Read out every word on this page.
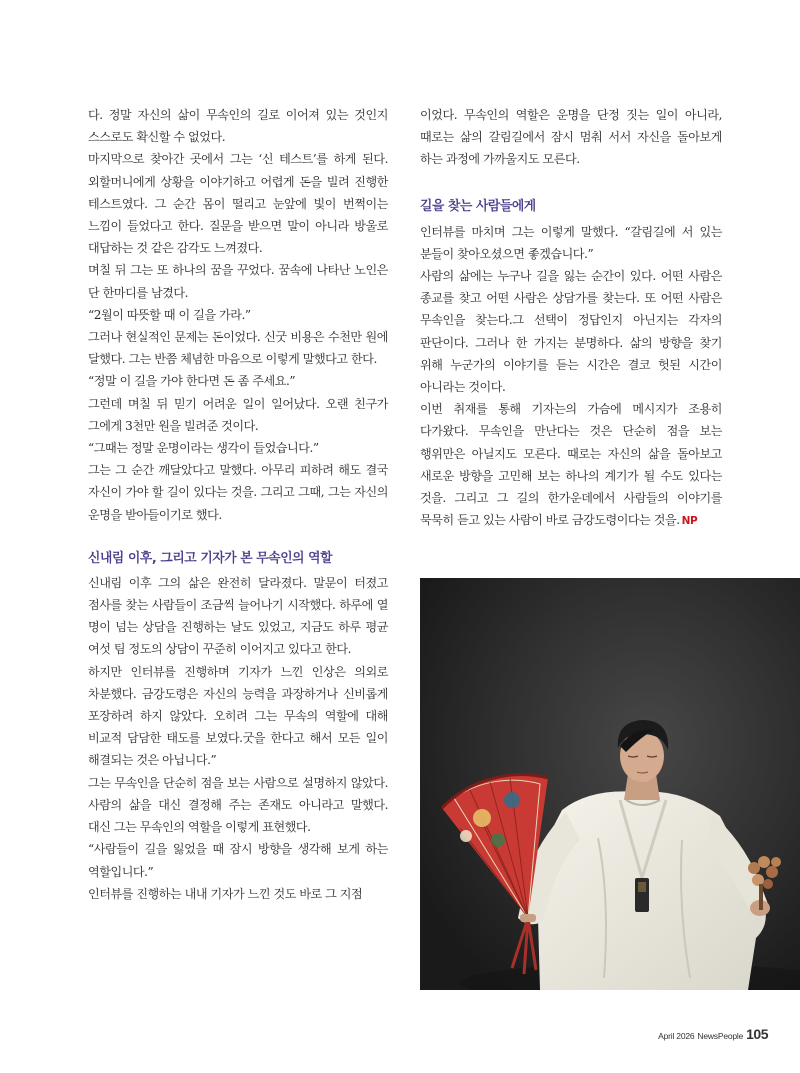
다. 정말 자신의 삶이 무속인의 길로 이어져 있는 것인지 스스로도 확신할 수 없었다.

마지막으로 찾아간 곳에서 그는 ‘신 테스트’를 하게 된다. 외할머니에게 상황을 이야기하고 어렵게 돈을 빌려 진행한 테스트였다. 그 순간 몸이 떨리고 눈앞에 빛이 번쩍이는 느낌이 들었다고 한다. 질문을 받으면 말이 아니라 방울로 대답하는 것 같은 감각도 느껴졌다.

며칠 뒤 그는 또 하나의 꿈을 꾸었다. 꿈속에 나타난 노인은 단 한마디를 남겼다.

“2월이 따뜻할 때 이 길을 가라.”

그러나 현실적인 문제는 돈이었다. 신굿 비용은 수천만 원에 달했다. 그는 반쯤 체념한 마음으로 이렇게 말했다고 한다.

“정말 이 길을 가야 한다면 돈 좀 주세요.”

그런데 며칠 뒤 믿기 어려운 일이 일어났다. 오랜 친구가 그에게 3천만 원을 빌려준 것이다.

“그때는 정말 운명이라는 생각이 들었습니다.”

그는 그 순간 깨달았다고 말했다. 아무리 피하려 해도 결국 자신이 가야 할 길이 있다는 것을. 그리고 그때, 그는 자신의 운명을 받아들이기로 했다.

신내림 이후, 그리고 기자가 본 무속인의 역할

신내림 이후 그의 삶은 완전히 달라졌다. 말문이 터졌고 점사를 찾는 사람들이 조금씩 늘어나기 시작했다. 하루에 열 명이 넘는 상담을 진행하는 날도 있었고, 지금도 하루 평균 여섯 팀 정도의 상담이 꾸준히 이어지고 있다고 한다.

하지만 인터뷰를 진행하며 기자가 느낀 인상은 의외로 차분했다. 금강도령은 자신의 능력을 과장하거나 신비롭게 포장하려 하지 않았다. 오히려 그는 무속의 역할에 대해 비교적 담담한 태도를 보였다.굿을 한다고 해서 모든 일이 해결되는 것은 아닙니다.”

그는 무속인을 단순히 점을 보는 사람으로 설명하지 않았다. 사람의 삶을 대신 결정해 주는 존재도 아니라고 말했다. 대신 그는 무속인의 역할을 이렇게 표현했다.

“사람들이 길을 잃었을 때 잠시 방향을 생각해 보게 하는 역할입니다.”

인터뷰를 진행하는 내내 기자가 느낀 것도 바로 그 지점

이었다. 무속인의 역할은 운명을 단정 짓는 일이 아니라, 때로는 삶의 갈림길에서 잠시 멈춰 서서 자신을 돌아보게 하는 과정에 가까울지도 모른다.

길을 찾는 사람들에게

인터뷰를 마치며 그는 이렇게 말했다. “갈림길에 서 있는 분들이 찾아오셨으면 좋겠습니다.”

사람의 삶에는 누구나 길을 잃는 순간이 있다. 어떤 사람은 종교를 찾고 어떤 사람은 상담가를 찾는다. 또 어떤 사람은 무속인을 찾는다.그 선택이 정답인지 아닌지는 각자의 판단이다. 그러나 한 가지는 분명하다. 삶의 방향을 찾기 위해 누군가의 이야기를 듣는 시간은 결코 헛된 시간이 아니라는 것이다.

이번 취재를 통해 기자는의 가슴에 메시지가 조용히 다가왔다. 무속인을 만난다는 것은 단순히 점을 보는 행위만은 아닐지도 모른다. 때로는 자신의 삶을 돌아보고 새로운 방향을 고민해 보는 하나의 계기가 될 수도 있다는 것을. 그리고 그 길의 한가운데에서 사람들의 이야기를 묵묵히 듣고 있는 사람이 바로 금강도령이다는 것을. NP

April 2026 NewsPeople 105
